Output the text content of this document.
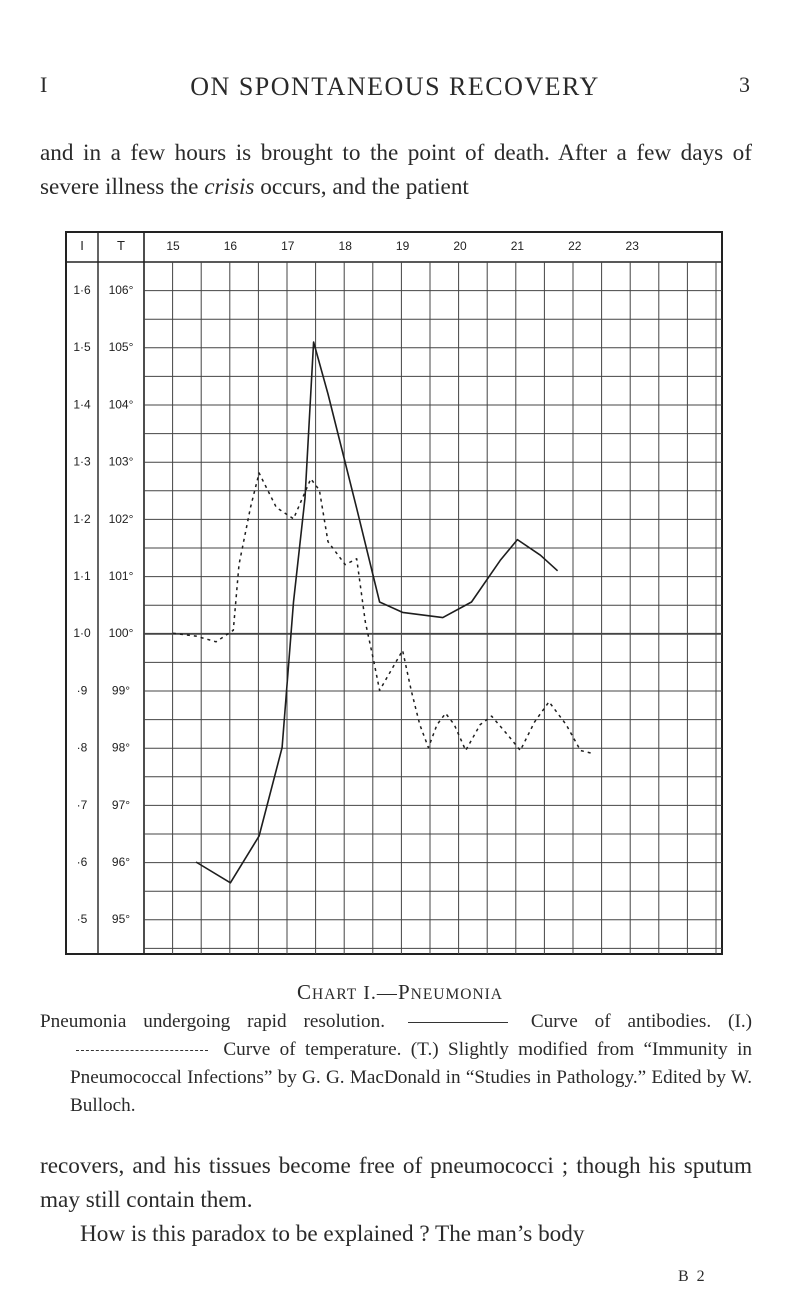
I	ON SPONTANEOUS RECOVERY	3

and in a few hours is brought to the point of death. After a few days of severe illness the crisis occurs, and the patient

I	T	15	16	17	18	19	20	21	22	23
1·6
1·5
1·4
1·3
1·2
1·1
1·0
·9
·8
·7
·6
·5
106°
105°
104°
103°
102°
101°
100°
99°
98°
97°
96°
95°
CHART I.—PNEUMONIA

Pneumonia undergoing rapid resolution.	Curve of antibodies. (I.)  Curve of temperature. (T.) Slightly modified from “Immunity in Pneumococcal Infections” by G. G. MacDonald in “Studies in Pathology.” Edited by W. Bulloch.

recovers, and his tissues become free of pneumococci ; though his sputum may still contain them.

How is this paradox to be explained ? The man’s body

B 2
